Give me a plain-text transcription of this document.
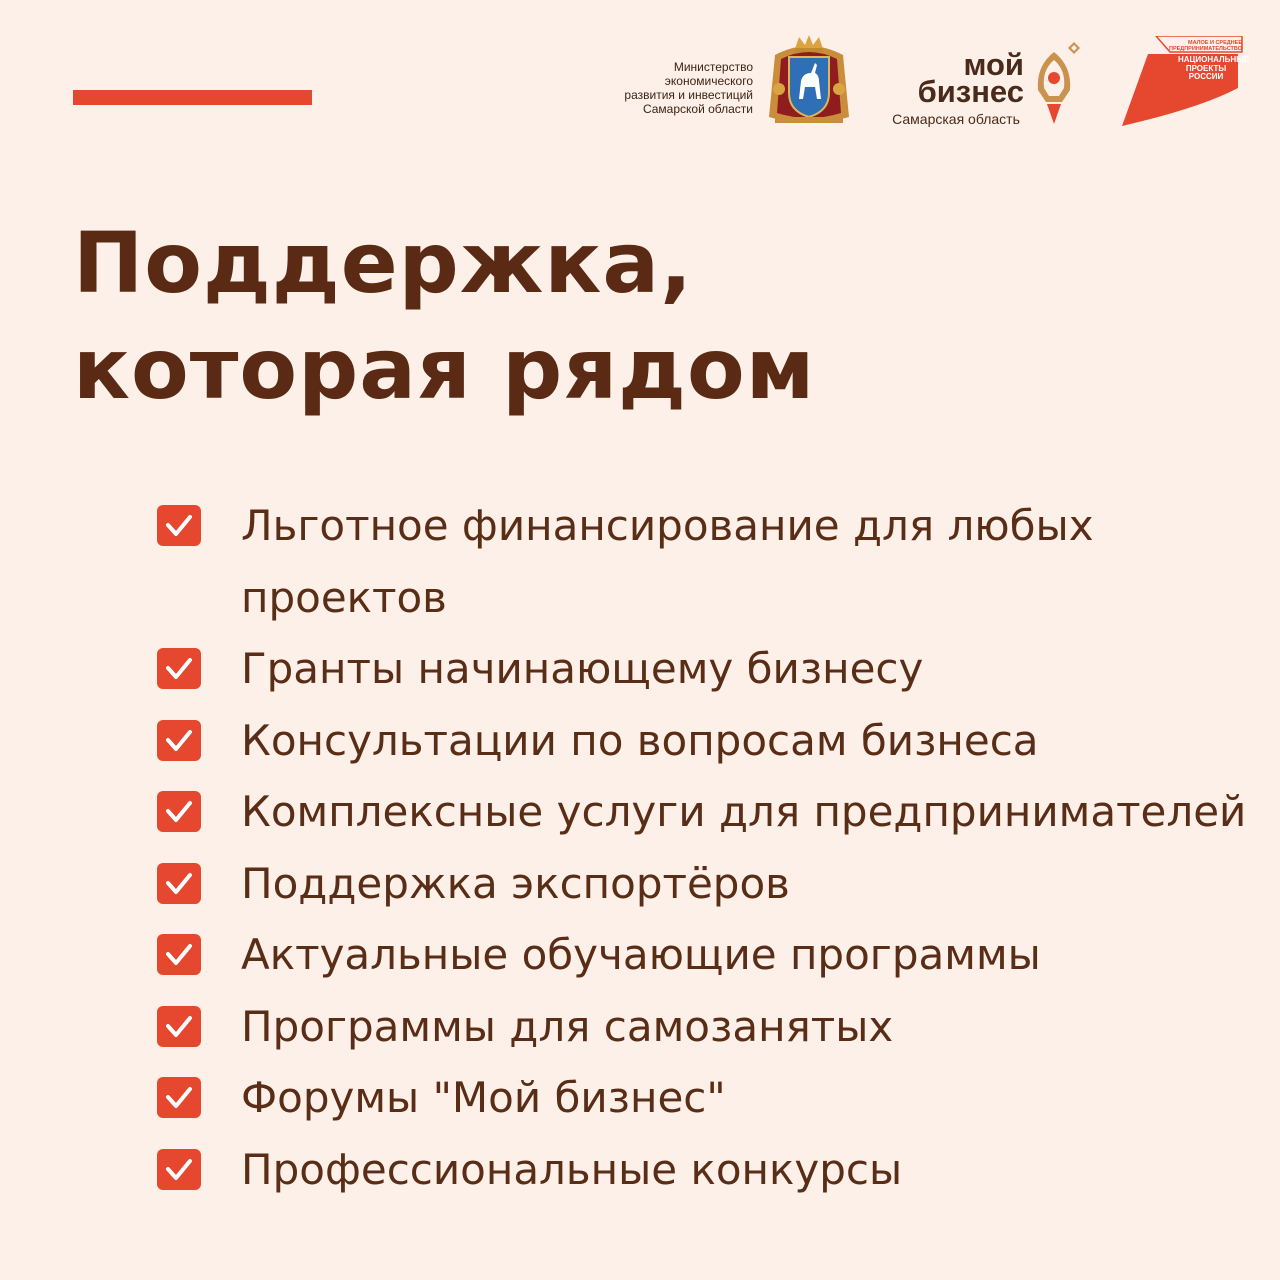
Министерство
экономического
развития и инвестиций
Самарской области
мой
бизнес
Самарская область
МАЛОЕ И СРЕДНЕЕ
ПРЕДПРИНИМАТЕЛЬСТВО
НАЦИОНАЛЬНЫЕ
ПРОЕКТЫ
РОССИИ
Поддержка,
которая рядом
Льготное финансирование для любых проектов
Гранты начинающему бизнесу
Консультации по вопросам бизнеса
Комплексные услуги для предпринимателей
Поддержка экспортёров
Актуальные обучающие программы
Программы для самозанятых
Форумы "Мой бизнес"
Профессиональные конкурсы
